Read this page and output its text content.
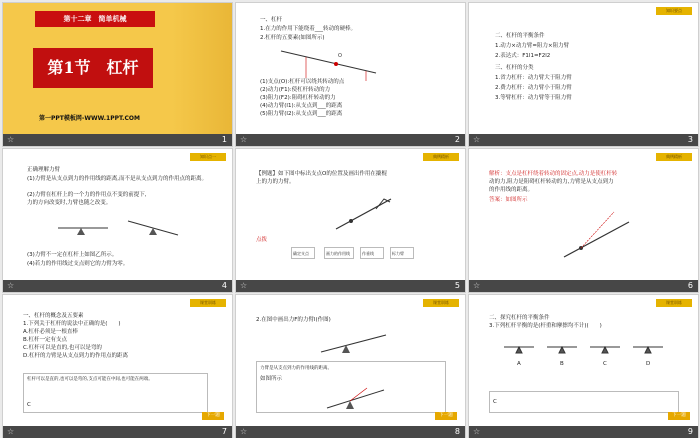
第十二章　简单机械
第1节　杠杆
第一PPT模板网-WWW.1PPT.COM
☆	1
一、杠杆
1.在力的作用下能绕着___转动的硬棒。
2.杠杆的五要素(如图所示)
O
(1)支点(O):杠杆可以绕其转动的点
(2)动力(F1):使杠杆转动的力
(3)阻力(F2):阻碍杠杆转动的力
(4)动力臂(l1):从支点到___的距离
(5)阻力臂(l2):从支点到___的距离
☆	2
知识要点
二、杠杆的平衡条件
1.动力×动力臂=阻力×阻力臂
2.表达式：F1l1=F2l2
三、杠杆的分类
1.省力杠杆：动力臂大于阻力臂
2.费力杠杆：动力臂小于阻力臂
3.等臂杠杆：动力臂等于阻力臂
☆	3
知识点一
正确理解力臂
(1)力臂是从支点到力的作用线的距离,而不是从支点到力的作用点的距离。
(2)力臂在杠杆上的一个力的作用点不变的前提下,
力的方向改变时,力臂也随之改变。
(3)力臂不一定在杠杆上如图乙所示。
(4)若力的作用线过支点则它的力臂为零。
☆	4
典例精析
【例题】如下图中标出支点O的位置及画出作用在撬棍
上的力的力臂。
点拨
确定支点	画力的作用线	作垂线	标力臂
☆	5
典例精析
解析：支点是杠杆绕着转动的固定点,动力是使杠杆转
动的力,阻力是阻碍杠杆转动的力,力臂是从支点到力
的作用线的距离。
答案：如图所示
☆	6
课堂训练
一、杠杆的概念及五要素
1.下列关于杠杆的说法中正确的是(　　)
A.杠杆必须是一根直棒
B.杠杆一定有支点
C.杠杆可以是直的,也可以是弯的
D.杠杆的力臂是从支点到力的作用点的距离
杠杆可以是直的,也可以是弯的,支点可能在中间,也可能在两端。
C
下一题
☆	7
课堂训练
2.在图中画出力F的力臂l(作图)
力臂是从支点到力的作用线的距离。
如图所示
下一题
☆	8
课堂训练
二、探究杠杆的平衡条件
3.下列杠杆平衡的是(杆重和摩擦均不计)(　　)
A	B	C	D
C
下一题
☆	9
